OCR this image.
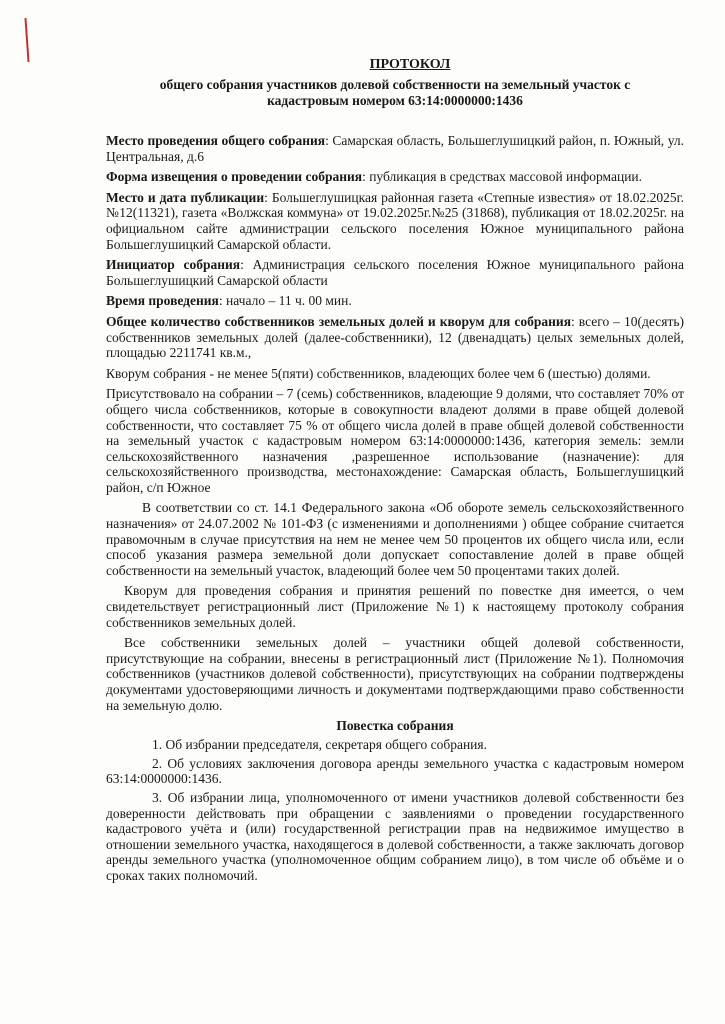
ПРОТОКОЛ
общего собрания участников долевой собственности на земельный участок с
кадастровым номером 63:14:0000000:1436

Место проведения общего собрания: Самарская область, Большеглушицкий район, п. Южный, ул. Центральная, д.6

Форма извещения о проведении собрания: публикация в средствах массовой информации.

Место и дата публикации: Большеглушицкая районная газета «Степные известия» от 18.02.2025г. №12(11321), газета «Волжская коммуна» от 19.02.2025г.№25 (31868), публикация от 18.02.2025г. на официальном сайте администрации сельского поселения Южное муниципального района Большеглушицкий Самарской области.

Инициатор собрания: Администрация сельского поселения Южное муниципального района Большеглушицкий Самарской области

Время проведения: начало – 11 ч. 00 мин.

Общее количество собственников земельных долей и кворум для собрания: всего – 10(десять) собственников земельных долей (далее-собственники), 12 (двенадцать) целых земельных долей, площадью 2211741 кв.м.,

Кворум собрания - не менее 5(пяти) собственников, владеющих более чем 6 (шестью) долями.

Присутствовало на собрании – 7 (семь) собственников, владеющие 9 долями, что составляет 70% от общего числа собственников, которые в совокупности владеют долями в праве общей долевой собственности, что составляет 75 % от общего числа долей в праве общей долевой собственности на земельный участок с кадастровым номером 63:14:0000000:1436, категория земель: земли сельскохозяйственного назначения ,разрешенное использование (назначение): для сельскохозяйственного производства, местонахождение: Самарская область, Большеглушицкий район, с/п Южное

В соответствии со ст. 14.1 Федерального закона «Об обороте земель сельскохозяйственного назначения» от 24.07.2002 № 101-ФЗ (с изменениями и дополнениями ) общее собрание считается правомочным в случае присутствия на нем не менее чем 50 процентов их общего числа или, если способ указания размера земельной доли допускает сопоставление долей в праве общей собственности на земельный участок, владеющий более чем 50 процентами таких долей.

Кворум для проведения собрания и принятия решений по повестке дня имеется, о чем свидетельствует регистрационный лист (Приложение №1) к настоящему протоколу собрания собственников земельных долей.

Все собственники земельных долей – участники общей долевой собственности, присутствующие на собрании, внесены в регистрационный лист (Приложение №1). Полномочия собственников (участников долевой собственности), присутствующих на собрании подтверждены документами удостоверяющими личность и документами подтверждающими право собственности на земельную долю.

Повестка собрания

1. Об избрании председателя, секретаря общего собрания.

2. Об условиях заключения договора аренды земельного участка с кадастровым номером 63:14:0000000:1436.

3. Об избрании лица, уполномоченного от имени участников долевой собственности без доверенности действовать при обращении с заявлениями о проведении государственного кадастрового учёта и (или) государственной регистрации прав на недвижимое имущество в отношении земельного участка, находящегося в долевой собственности, а также заключать договор аренды земельного участка (уполномоченное общим собранием лицо), в том числе об объёме и о сроках таких полномочий.
